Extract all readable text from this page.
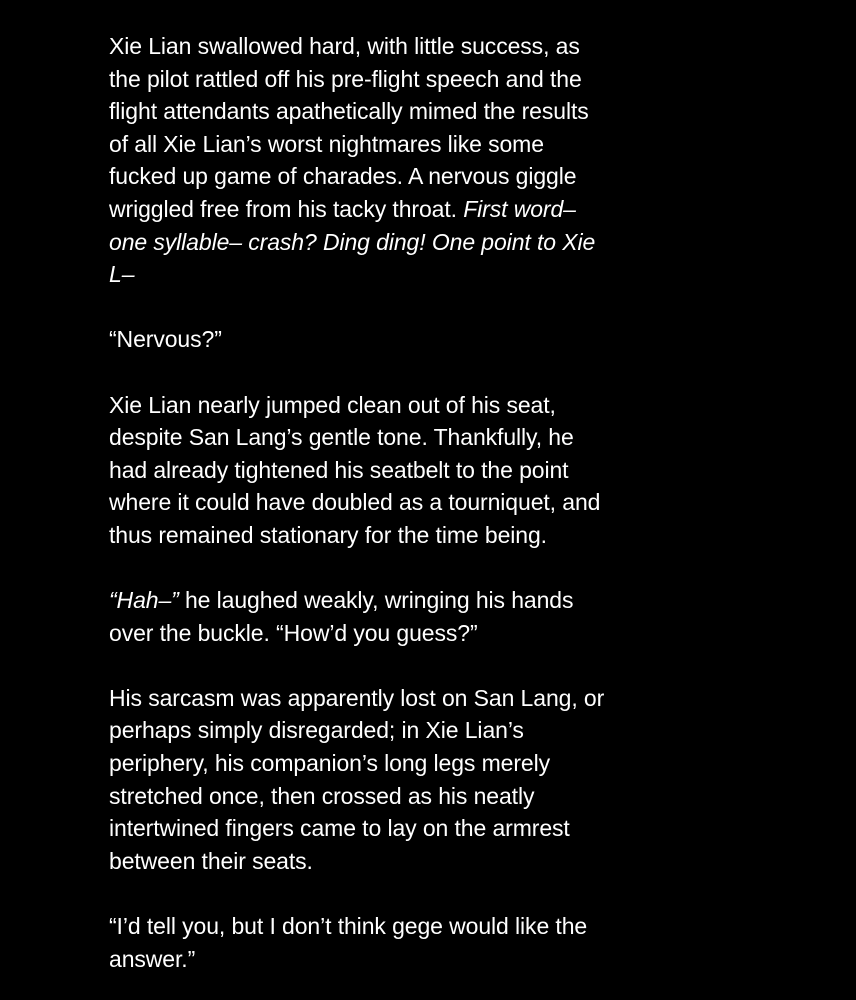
Xie Lian swallowed hard, with little success, as
the pilot rattled off his pre-flight speech and the
flight attendants apathetically mimed the results
of all Xie Lian’s worst nightmares like some
fucked up game of charades. A nervous giggle
wriggled free from his tacky throat. First word–
one syllable– crash? Ding ding! One point to Xie
L–

“Nervous?”

Xie Lian nearly jumped clean out of his seat,
despite San Lang’s gentle tone. Thankfully, he
had already tightened his seatbelt to the point
where it could have doubled as a tourniquet, and
thus remained stationary for the time being.

“Hah–” he laughed weakly, wringing his hands
over the buckle. “How’d you guess?”

His sarcasm was apparently lost on San Lang, or
perhaps simply disregarded; in Xie Lian’s
periphery, his companion’s long legs merely
stretched once, then crossed as his neatly
intertwined fingers came to lay on the armrest
between their seats.

“I’d tell you, but I don’t think gege would like the
answer.”
